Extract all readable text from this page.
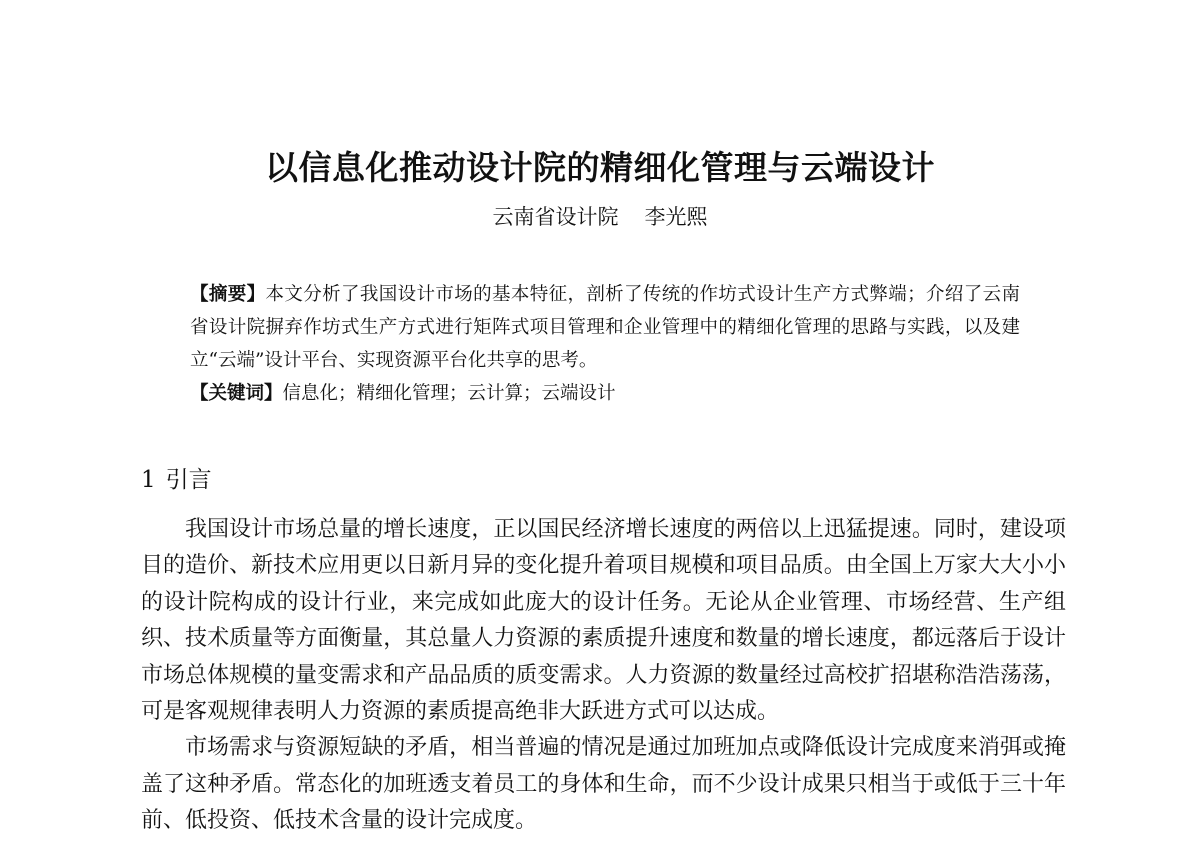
以信息化推动设计院的精细化管理与云端设计
云南省设计院 李光熙

【摘要】本文分析了我国设计市场的基本特征，剖析了传统的作坊式设计生产方式弊端；介绍了云南省设计院摒弃作坊式生产方式进行矩阵式项目管理和企业管理中的精细化管理的思路与实践，以及建立“云端”设计平台、实现资源平台化共享的思考。

【关键词】信息化；精细化管理；云计算；云端设计

1 引言

我国设计市场总量的增长速度，正以国民经济增长速度的两倍以上迅猛提速。同时，建设项目的造价、新技术应用更以日新月异的变化提升着项目规模和项目品质。由全国上万家大大小小的设计院构成的设计行业，来完成如此庞大的设计任务。无论从企业管理、市场经营、生产组织、技术质量等方面衡量，其总量人力资源的素质提升速度和数量的增长速度，都远落后于设计市场总体规模的量变需求和产品品质的质变需求。人力资源的数量经过高校扩招堪称浩浩荡荡，可是客观规律表明人力资源的素质提高绝非大跃进方式可以达成。

市场需求与资源短缺的矛盾，相当普遍的情况是通过加班加点或降低设计完成度来消弭或掩盖了这种矛盾。常态化的加班透支着员工的身体和生命，而不少设计成果只相当于或低于三十年前、低投资、低技术含量的设计完成度。
